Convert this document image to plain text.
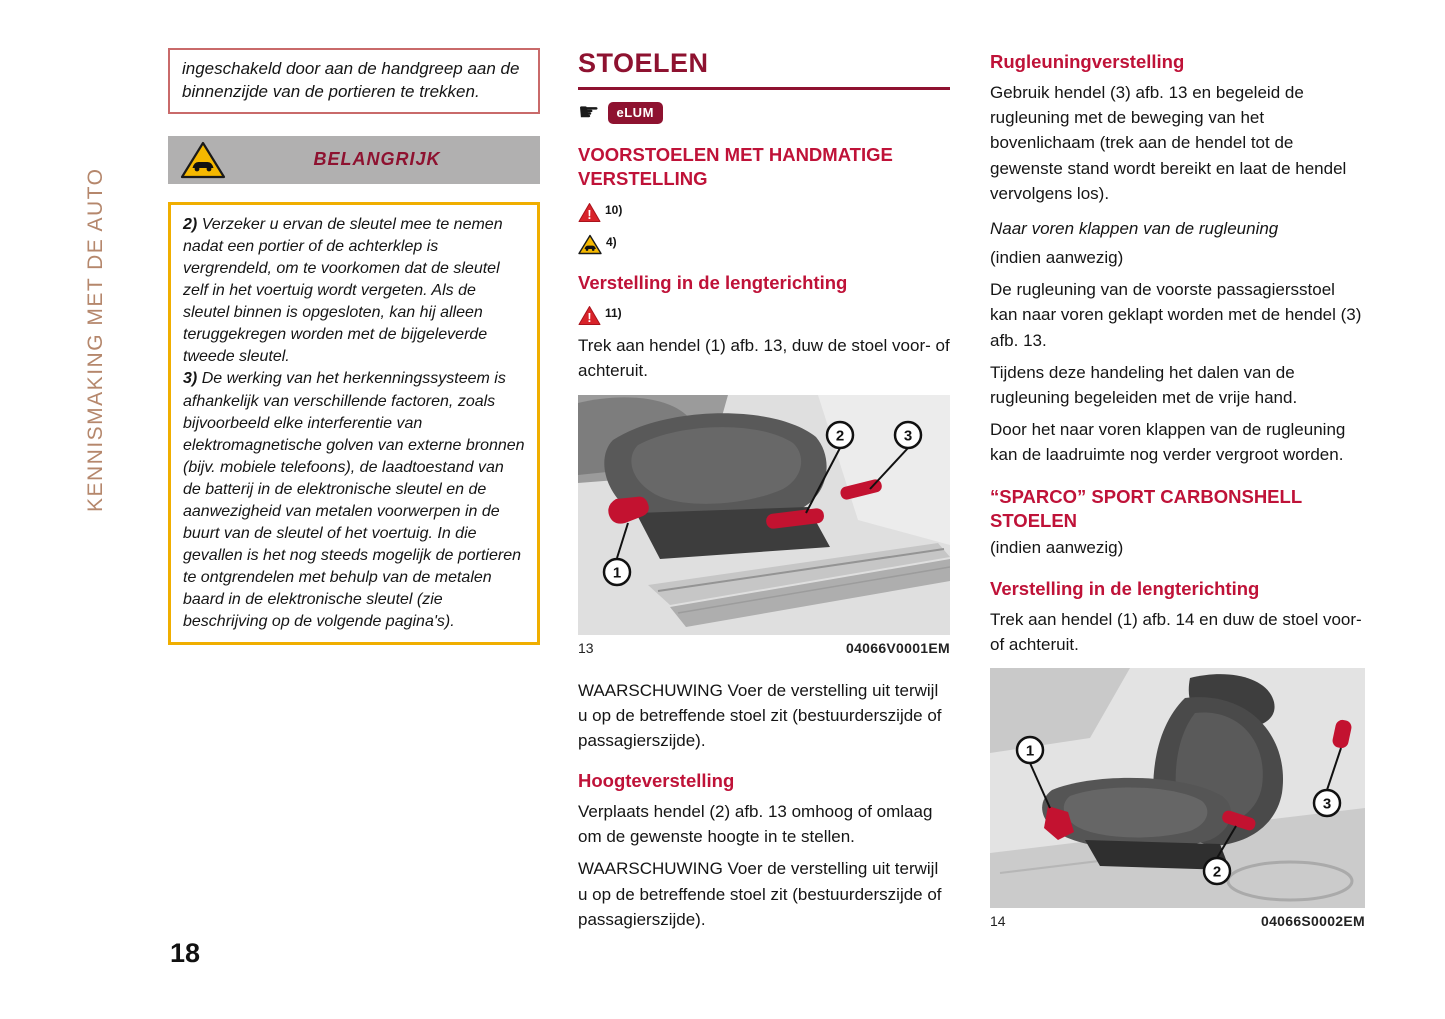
KENNISMAKING MET DE AUTO
ingeschakeld door aan de handgreep aan de binnenzijde van de portieren te trekken.
BELANGRIJK

2) Verzeker u ervan de sleutel mee te nemen nadat een portier of de achterklep is vergrendeld, om te voorkomen dat de sleutel zelf in het voertuig wordt vergeten. Als de sleutel binnen is opgesloten, kan hij alleen teruggekregen worden met de bijgeleverde tweede sleutel.

3) De werking van het herkenningssysteem is afhankelijk van verschillende factoren, zoals bijvoorbeeld elke interferentie van elektromagnetische golven van externe bronnen (bijv. mobiele telefoons), de laadtoestand van de batterij in de elektronische sleutel en de aanwezigheid van metalen voorwerpen in de buurt van de sleutel of het voertuig. In die gevallen is het nog steeds mogelijk de portieren te ontgrendelen met behulp van de metalen baard in de elektronische sleutel (zie beschrijving op de volgende pagina's).

18
STOELEN
☛	eLUM
VOORSTOELEN MET HANDMATIGE VERSTELLING
! 10)
4)
Verstelling in de lengterichting
! 11)

Trek aan hendel (1) afb. 13, duw de stoel voor- of achteruit.

1
2	3
13	04066V0001EM

WAARSCHUWING Voer de verstelling uit terwijl u op de betreffende stoel zit (bestuurderszijde of passagierszijde).

Hoogteverstelling

Verplaats hendel (2) afb. 13 omhoog of omlaag om de gewenste hoogte in te stellen.

WAARSCHUWING Voer de verstelling uit terwijl u op de betreffende stoel zit (bestuurderszijde of passagierszijde).

Rugleuningverstelling

Gebruik hendel (3) afb. 13 en begeleid de rugleuning met de beweging van het bovenlichaam (trek aan de hendel tot de gewenste stand wordt bereikt en laat de hendel vervolgens los).

Naar voren klappen van de rugleuning

(indien aanwezig)

De rugleuning van de voorste passagiersstoel kan naar voren geklapt worden met de hendel (3) afb. 13.

Tijdens deze handeling het dalen van de rugleuning begeleiden met de vrije hand.

Door het naar voren klappen van de rugleuning kan de laadruimte nog verder vergroot worden.

“SPARCO” SPORT CARBONSHELL STOELEN

(indien aanwezig)

Verstelling in de lengterichting

Trek aan hendel (1) afb. 14 en duw de stoel voor- of achteruit.

1
2
3
14	04066S0002EM
